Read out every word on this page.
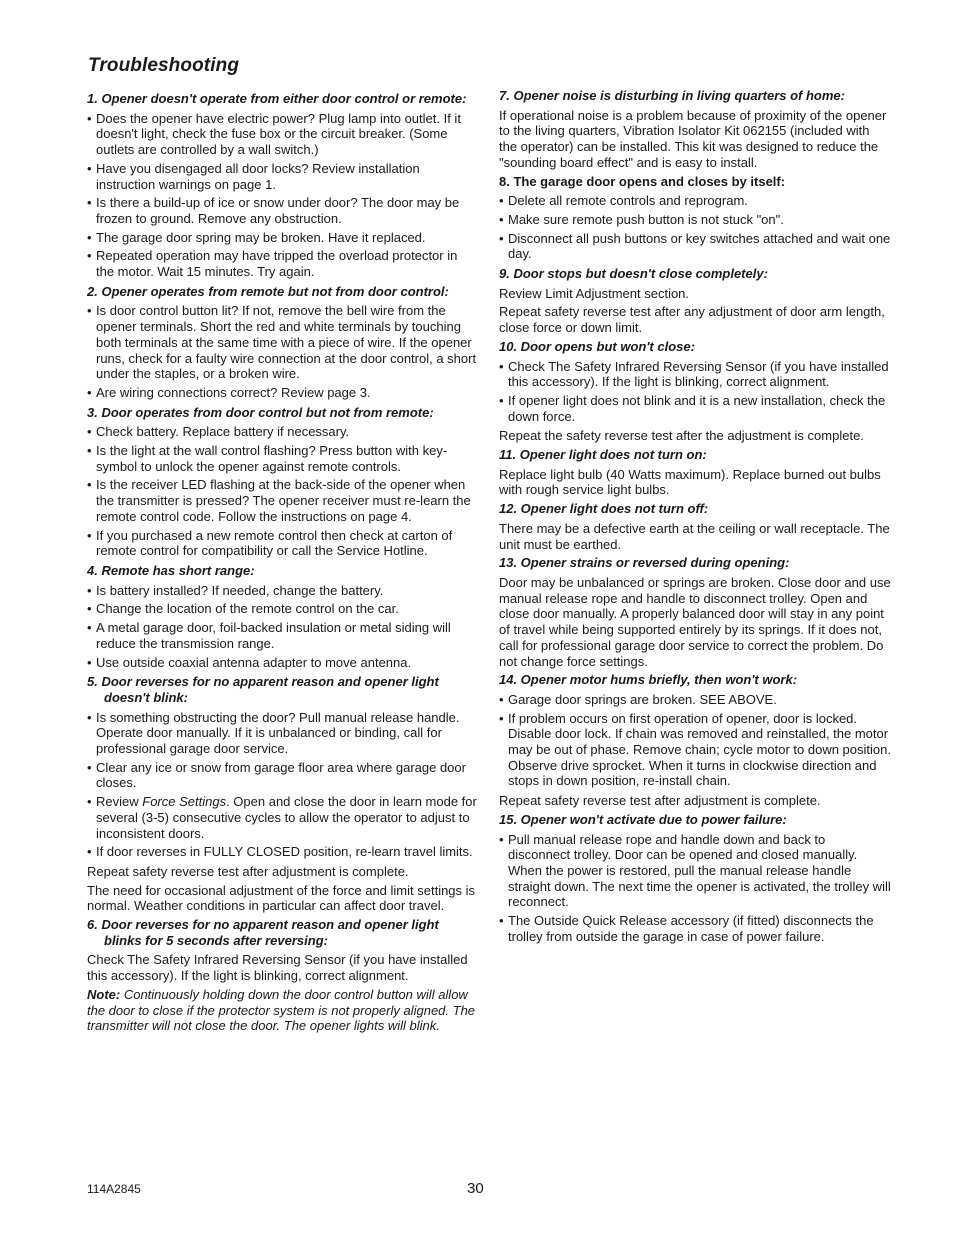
Troubleshooting
1. Opener doesn't operate from either door control or remote:
• Does the opener have electric power? Plug lamp into outlet. If it doesn't light, check the fuse box or the circuit breaker. (Some outlets are controlled by a wall switch.)
• Have you disengaged all door locks? Review installation instruction warnings on page 1.
• Is there a build-up of ice or snow under door? The door may be frozen to ground. Remove any obstruction.
• The garage door spring may be broken. Have it replaced.
• Repeated operation may have tripped the overload protector in the motor. Wait 15 minutes. Try again.
2. Opener operates from remote but not from door control:
• Is door control button lit? If not, remove the bell wire from the opener terminals. Short the red and white terminals by touching both terminals at the same time with a piece of wire. If the opener runs, check for a faulty wire connection at the door control, a short under the staples, or a broken wire.
• Are wiring connections correct? Review page 3.
3. Door operates from door control but not from remote:
• Check battery. Replace battery if necessary.
• Is the light at the wall control flashing? Press button with key-symbol to unlock the opener against remote controls.
• Is the receiver LED flashing at the back-side of the opener when the transmitter is pressed? The opener receiver must re-learn the remote control code. Follow the instructions on page 4.
• If you purchased a new remote control then check at carton of remote control for compatibility or call the Service Hotline.
4. Remote has short range:
• Is battery installed? If needed, change the battery.
• Change the location of the remote control on the car.
• A metal garage door, foil-backed insulation or metal siding will reduce the transmission range.
• Use outside coaxial antenna adapter to move antenna.
5. Door reverses for no apparent reason and opener light doesn't blink:
• Is something obstructing the door? Pull manual release handle. Operate door manually. If it is unbalanced or binding, call for professional garage door service.
• Clear any ice or snow from garage floor area where garage door closes.
• Review Force Settings. Open and close the door in learn mode for several (3-5) consecutive cycles to allow the operator to adjust to inconsistent doors.
• If door reverses in FULLY CLOSED position, re-learn travel limits.
Repeat safety reverse test after adjustment is complete.
The need for occasional adjustment of the force and limit settings is normal. Weather conditions in particular can affect door travel.
6. Door reverses for no apparent reason and opener light blinks for 5 seconds after reversing:
Check The Safety Infrared Reversing Sensor (if you have installed this accessory). If the light is blinking, correct alignment.
Note: Continuously holding down the door control button will allow the door to close if the protector system is not properly aligned. The transmitter will not close the door. The opener lights will blink.
7. Opener noise is disturbing in living quarters of home:
If operational noise is a problem because of proximity of the opener to the living quarters, Vibration Isolator Kit 062155 (included with the operator) can be installed. This kit was designed to reduce the "sounding board effect" and is easy to install.
8. The garage door opens and closes by itself:
• Delete all remote controls and reprogram.
• Make sure remote push button is not stuck "on".
• Disconnect all push buttons or key switches attached and wait one day.
9. Door stops but doesn't close completely:
Review Limit Adjustment section.
Repeat safety reverse test after any adjustment of door arm length, close force or down limit.
10. Door opens but won't close:
• Check The Safety Infrared Reversing Sensor (if you have installed this accessory). If the light is blinking, correct alignment.
• If opener light does not blink and it is a new installation, check the down force.
Repeat the safety reverse test after the adjustment is complete.
11. Opener light does not turn on:
Replace light bulb (40 Watts maximum). Replace burned out bulbs with rough service light bulbs.
12. Opener light does not turn off:
There may be a defective earth at the ceiling or wall receptacle. The unit must be earthed.
13. Opener strains or reversed during opening:
Door may be unbalanced or springs are broken. Close door and use manual release rope and handle to disconnect trolley. Open and close door manually. A properly balanced door will stay in any point of travel while being supported entirely by its springs. If it does not, call for professional garage door service to correct the problem. Do not change force settings.
14. Opener motor hums briefly, then won't work:
• Garage door springs are broken. SEE ABOVE.
• If problem occurs on first operation of opener, door is locked. Disable door lock. If chain was removed and reinstalled, the motor may be out of phase. Remove chain; cycle motor to down position. Observe drive sprocket. When it turns in clockwise direction and stops in down position, re-install chain.
Repeat safety reverse test after adjustment is complete.
15. Opener won't activate due to power failure:
• Pull manual release rope and handle down and back to disconnect trolley. Door can be opened and closed manually. When the power is restored, pull the manual release handle straight down. The next time the opener is activated, the trolley will reconnect.
• The Outside Quick Release accessory (if fitted) disconnects the trolley from outside the garage in case of power failure.
114A2845	30
